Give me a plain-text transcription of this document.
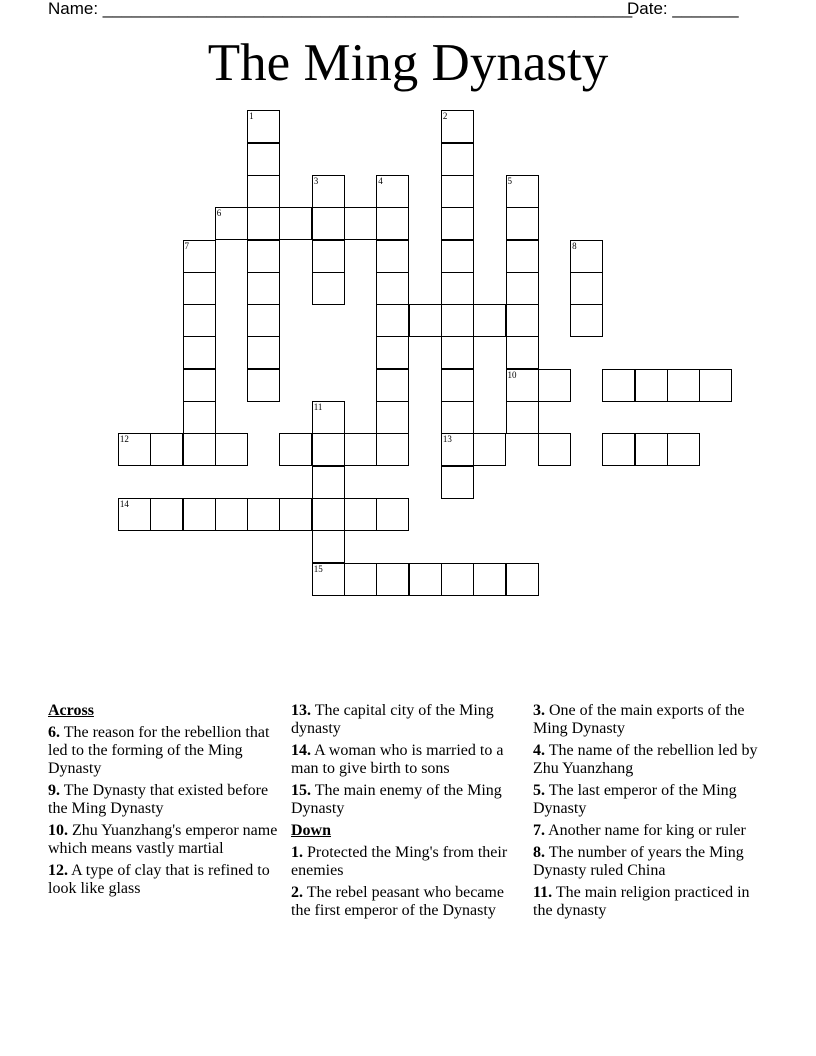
Name: ________________________________________________________
Date: _______
The Ming Dynasty
1	2
13
3	4	5
10
6
7	8
11
12
14
15
Across
6. The reason for the rebellion that led to the forming of the Ming Dynasty
9. The Dynasty that existed before the Ming Dynasty
10. Zhu Yuanzhang's emperor name which means vastly martial
12. A type of clay that is refined to look like glass
13. The capital city of the Ming dynasty
14. A woman who is married to a man to give birth to sons
15. The main enemy of the Ming Dynasty
Down
1. Protected the Ming's from their enemies
2. The rebel peasant who became the first emperor of the Dynasty
3. One of the main exports of the Ming Dynasty
4. The name of the rebellion led by Zhu Yuanzhang
5. The last emperor of the Ming Dynasty
7. Another name for king or ruler
8. The number of years the Ming Dynasty ruled China
11. The main religion practiced in the dynasty
